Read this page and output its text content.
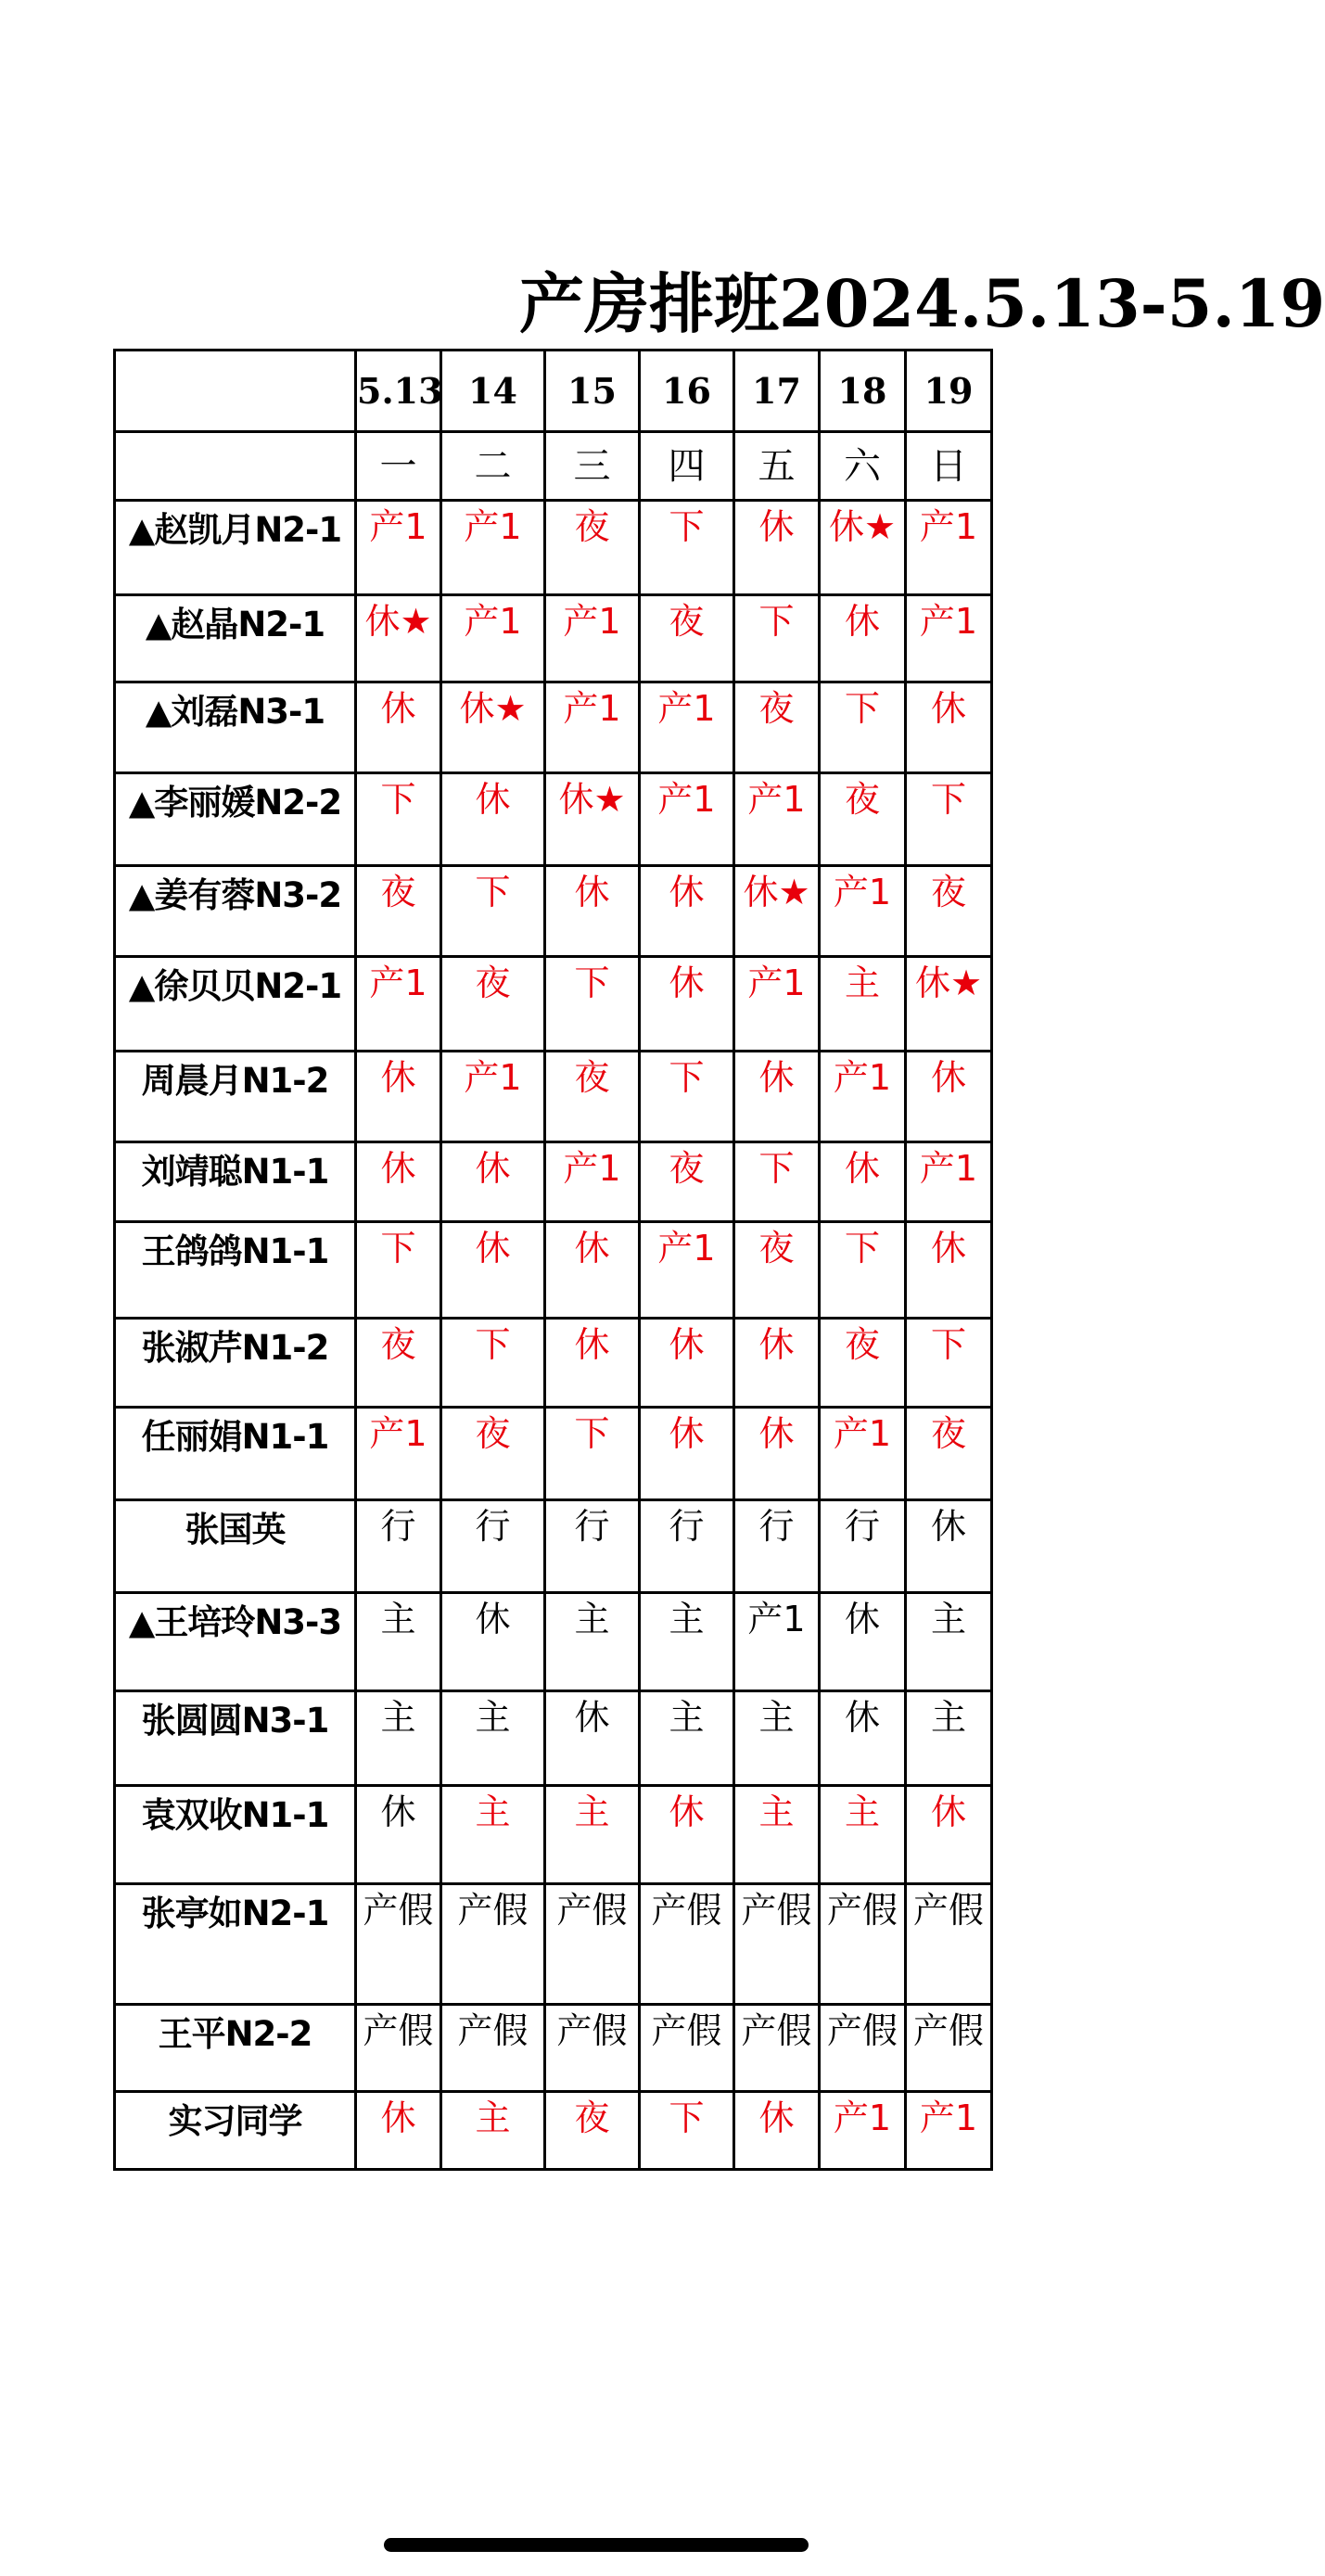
产房排班2024.5.13-5.19
	5.13	14	15	16	17	18	19
	一	二	三	四	五	六	日
▲赵凯月N2-1	产1	产1	夜	下	休	休★	产1
▲赵晶N2-1	休★	产1	产1	夜	下	休	产1
▲刘磊N3-1	休	休★	产1	产1	夜	下	休
▲李丽媛N2-2	下	休	休★	产1	产1	夜	下
▲姜有蓉N3-2	夜	下	休	休	休★	产1	夜
▲徐贝贝N2-1	产1	夜	下	休	产1	主	休★
周晨月N1-2	休	产1	夜	下	休	产1	休
刘靖聪N1-1	休	休	产1	夜	下	休	产1
王鸽鸽N1-1	下	休	休	产1	夜	下	休
张淑芹N1-2	夜	下	休	休	休	夜	下
任丽娟N1-1	产1	夜	下	休	休	产1	夜
张国英	行	行	行	行	行	行	休
▲王培玲N3-3	主	休	主	主	产1	休	主
张圆圆N3-1	主	主	休	主	主	休	主
袁双收N1-1	休	主	主	休	主	主	休
张亭如N2-1	产假	产假	产假	产假	产假	产假	产假
王平N2-2	产假	产假	产假	产假	产假	产假	产假
实习同学	休	主	夜	下	休	产1	产1
